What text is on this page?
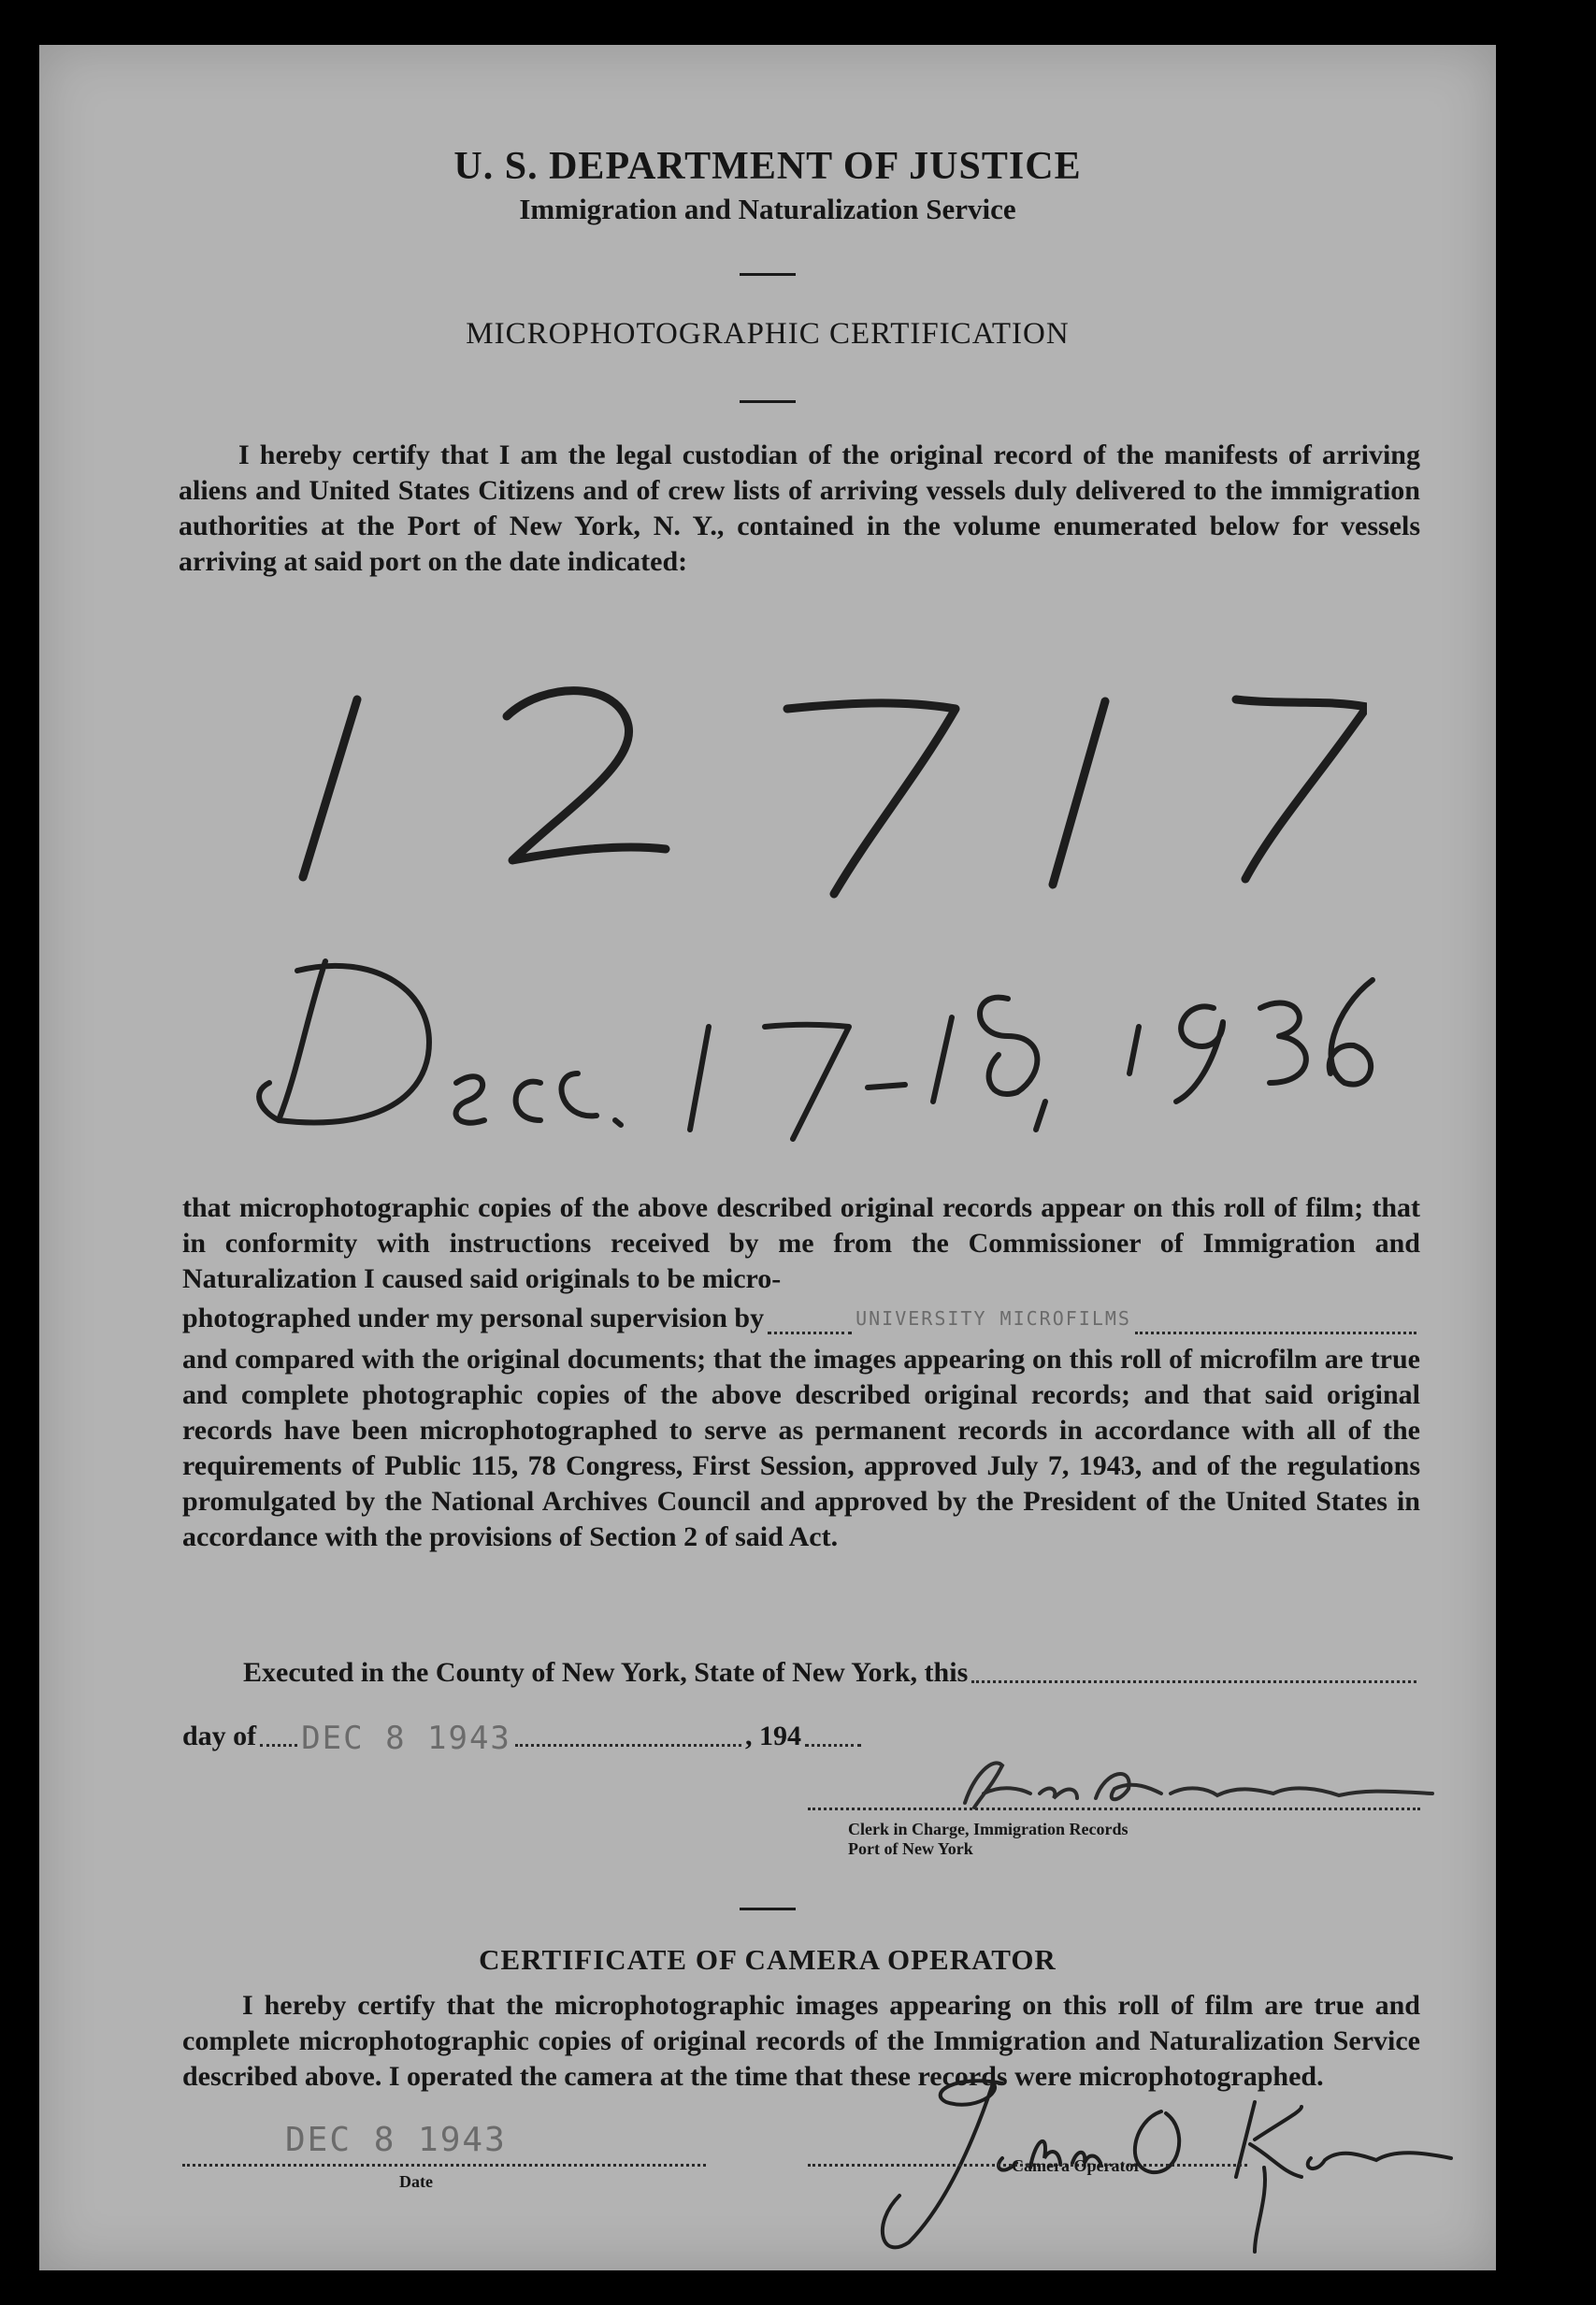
U. S. DEPARTMENT OF JUSTICE
Immigration and Naturalization Service
MICROPHOTOGRAPHIC CERTIFICATION
I hereby certify that I am the legal custodian of the original record of the manifests of arriving aliens and United States Citizens and of crew lists of arriving vessels duly delivered to the immigration authorities at the Port of New York, N. Y., contained in the volume enumerated below for vessels arriving at said port on the date indicated:

that microphotographic copies of the above described original records appear on this roll of film; that in conformity with instructions received by me from the Commissioner of Immigration and Naturalization I caused said originals to be micro-

photographed under my personal supervision by	UNIVERSITY MICROFILMS

and compared with the original documents; that the images appearing on this roll of microfilm are true and complete photographic copies of the above described original records; and that said original records have been microphotographed to serve as permanent records in accordance with all of the requirements of Public 115, 78 Congress, First Session, approved July 7, 1943, and of the regulations promulgated by the National Archives Council and approved by the President of the United States in accordance with the provisions of Section 2 of said Act.

Executed in the County of New York, State of New York, this
day of DEC 8 1943	, 194
Clerk in Charge, Immigration Records
Port of New York
CERTIFICATE OF CAMERA OPERATOR
I hereby certify that the microphotographic images appearing on this roll of film are true and complete microphotographic copies of original records of the Immigration and Naturalization Service described above. I operated the camera at the time that these records were microphotographed.
DEC 8 1943
Date
Camera Operator
